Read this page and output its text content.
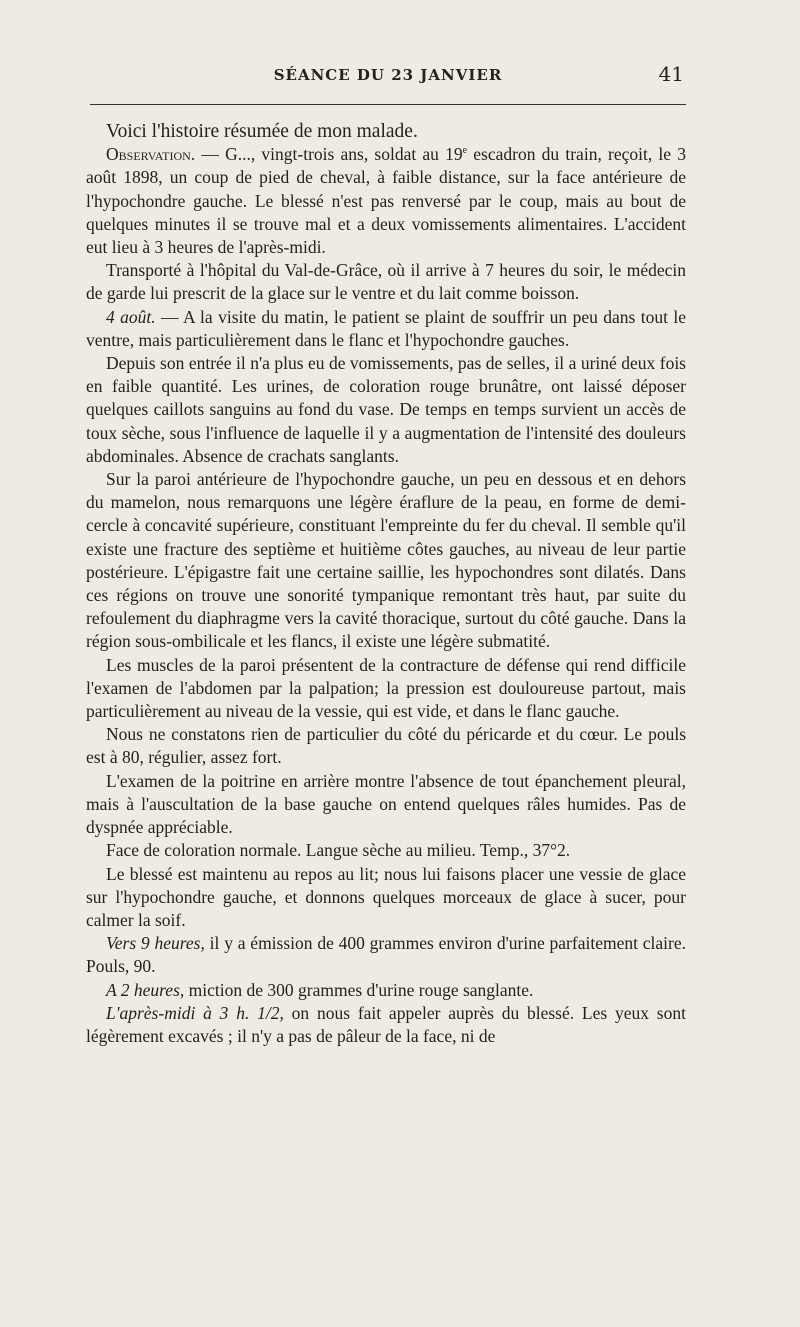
SÉANCE DU 23 JANVIER	41

Voici l'histoire résumée de mon malade.

Observation. — G..., vingt-trois ans, soldat au 19e escadron du train, reçoit, le 3 août 1898, un coup de pied de cheval, à faible distance, sur la face antérieure de l'hypochondre gauche. Le blessé n'est pas renversé par le coup, mais au bout de quelques minutes il se trouve mal et a deux vomissements alimentaires. L'accident eut lieu à 3 heures de l'après-midi.

Transporté à l'hôpital du Val-de-Grâce, où il arrive à 7 heures du soir, le médecin de garde lui prescrit de la glace sur le ventre et du lait comme boisson.

4 août. — A la visite du matin, le patient se plaint de souffrir un peu dans tout le ventre, mais particulièrement dans le flanc et l'hypochondre gauches.

Depuis son entrée il n'a plus eu de vomissements, pas de selles, il a uriné deux fois en faible quantité. Les urines, de coloration rouge brunâtre, ont laissé déposer quelques caillots sanguins au fond du vase. De temps en temps survient un accès de toux sèche, sous l'influence de laquelle il y a augmentation de l'intensité des douleurs abdominales. Absence de crachats sanglants.

Sur la paroi antérieure de l'hypochondre gauche, un peu en dessous et en dehors du mamelon, nous remarquons une légère éraflure de la peau, en forme de demi-cercle à concavité supérieure, constituant l'empreinte du fer du cheval. Il semble qu'il existe une fracture des septième et huitième côtes gauches, au niveau de leur partie postérieure. L'épigastre fait une certaine saillie, les hypochondres sont dilatés. Dans ces régions on trouve une sonorité tympanique remontant très haut, par suite du refoulement du diaphragme vers la cavité thoracique, surtout du côté gauche. Dans la région sous-ombilicale et les flancs, il existe une légère submatité.

Les muscles de la paroi présentent de la contracture de défense qui rend difficile l'examen de l'abdomen par la palpation; la pression est douloureuse partout, mais particulièrement au niveau de la vessie, qui est vide, et dans le flanc gauche.

Nous ne constatons rien de particulier du côté du péricarde et du cœur. Le pouls est à 80, régulier, assez fort.

L'examen de la poitrine en arrière montre l'absence de tout épanchement pleural, mais à l'auscultation de la base gauche on entend quelques râles humides. Pas de dyspnée appréciable.

Face de coloration normale. Langue sèche au milieu. Temp., 37°2.

Le blessé est maintenu au repos au lit; nous lui faisons placer une vessie de glace sur l'hypochondre gauche, et donnons quelques morceaux de glace à sucer, pour calmer la soif.

Vers 9 heures, il y a émission de 400 grammes environ d'urine parfaitement claire. Pouls, 90.

A 2 heures, miction de 300 grammes d'urine rouge sanglante.

L'après-midi à 3 h. 1/2, on nous fait appeler auprès du blessé. Les yeux sont légèrement excavés ; il n'y a pas de pâleur de la face, ni de
